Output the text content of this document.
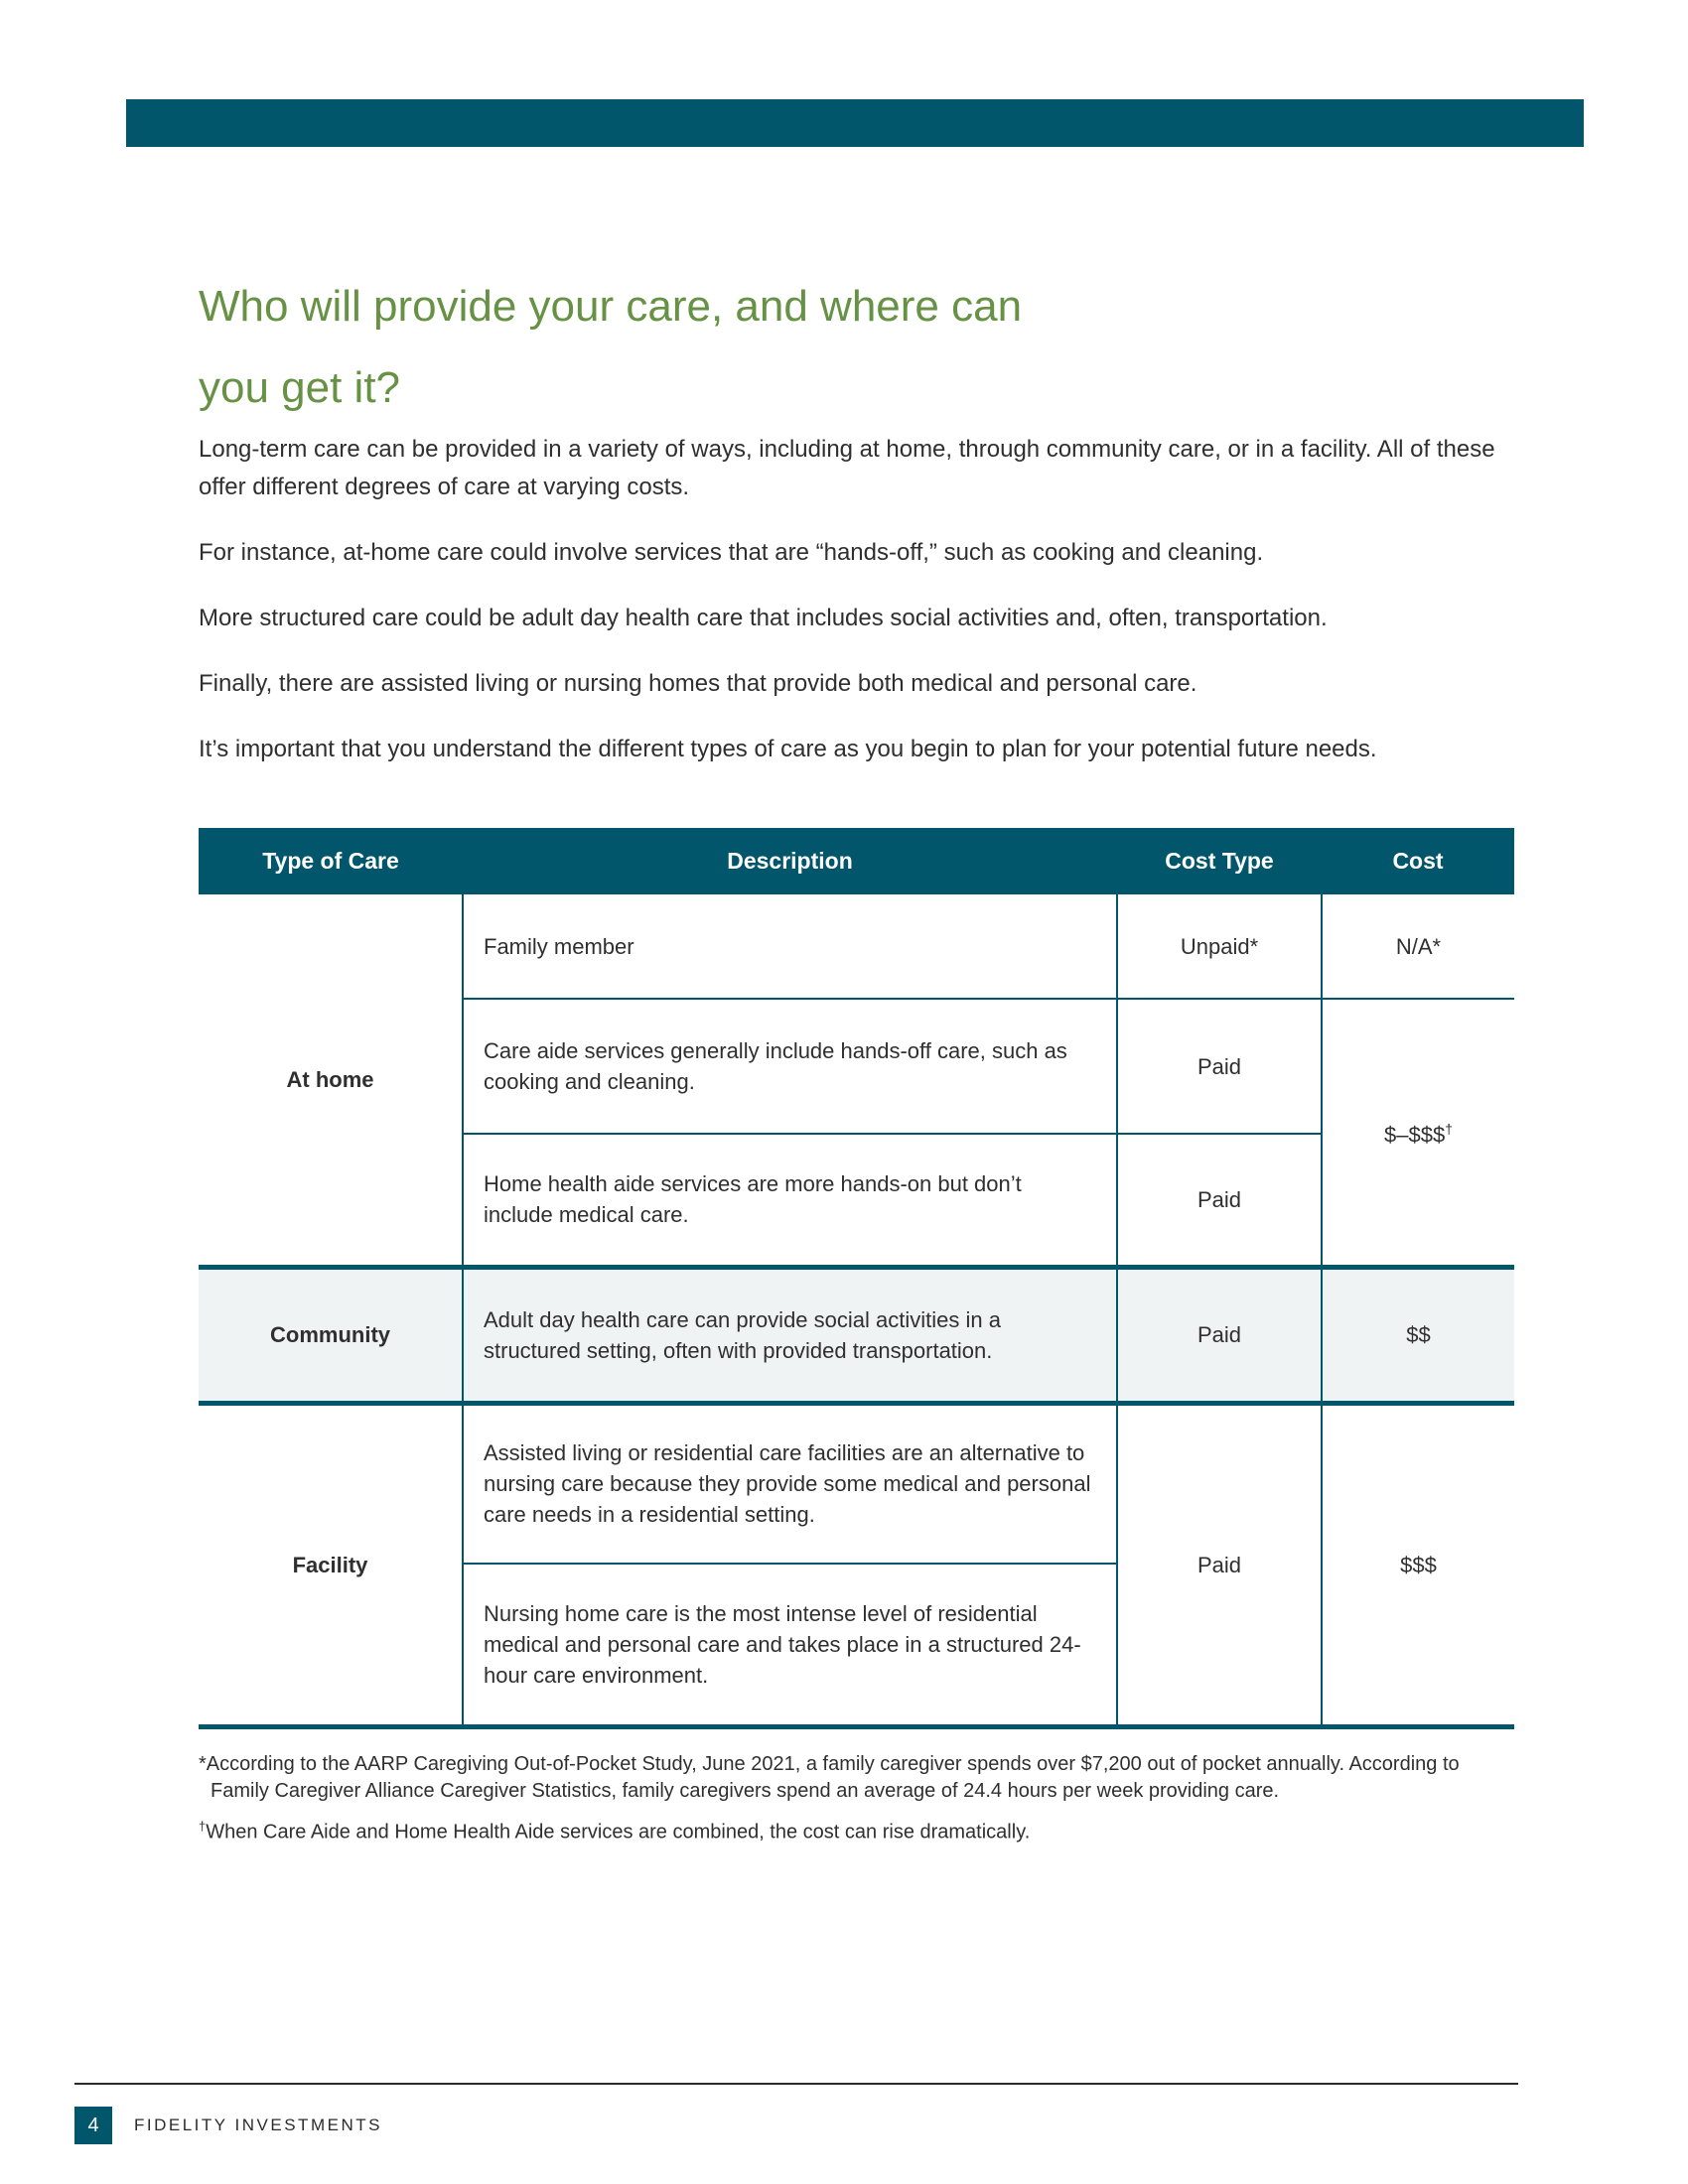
Who will provide your care, and where can
you get it?

Long-term care can be provided in a variety of ways, including at home, through community care, or in a facility. All of these offer different degrees of care at varying costs.

For instance, at-home care could involve services that are “hands-off,” such as cooking and cleaning.

More structured care could be adult day health care that includes social activities and, often, transportation.

Finally, there are assisted living or nursing homes that provide both medical and personal care.

It’s important that you understand the different types of care as you begin to plan for your potential future needs.

Type of Care	Description	Cost Type	Cost
At home	Family member	Unpaid*	N/A*
	Care aide services generally include hands-off care, such as cooking and cleaning.	Paid	$–$$$†
	Home health aide services are more hands-on but don’t include medical care.	Paid	
Community	Adult day health care can provide social activities in a structured setting, often with provided transportation.	Paid	$$
Facility	Assisted living or residential care facilities are an alternative to nursing care because they provide some medical and personal care needs in a residential setting.	Paid	$$$
	Nursing home care is the most intense level of residential medical and personal care and takes place in a structured 24-hour care environment.		

*According to the AARP Caregiving Out-of-Pocket Study, June 2021, a family caregiver spends over $7,200 out of pocket annually. According to Family Caregiver Alliance Caregiver Statistics, family caregivers spend an average of 24.4 hours per week providing care.

†When Care Aide and Home Health Aide services are combined, the cost can rise dramatically.

4 FIDELITY INVESTMENTS
